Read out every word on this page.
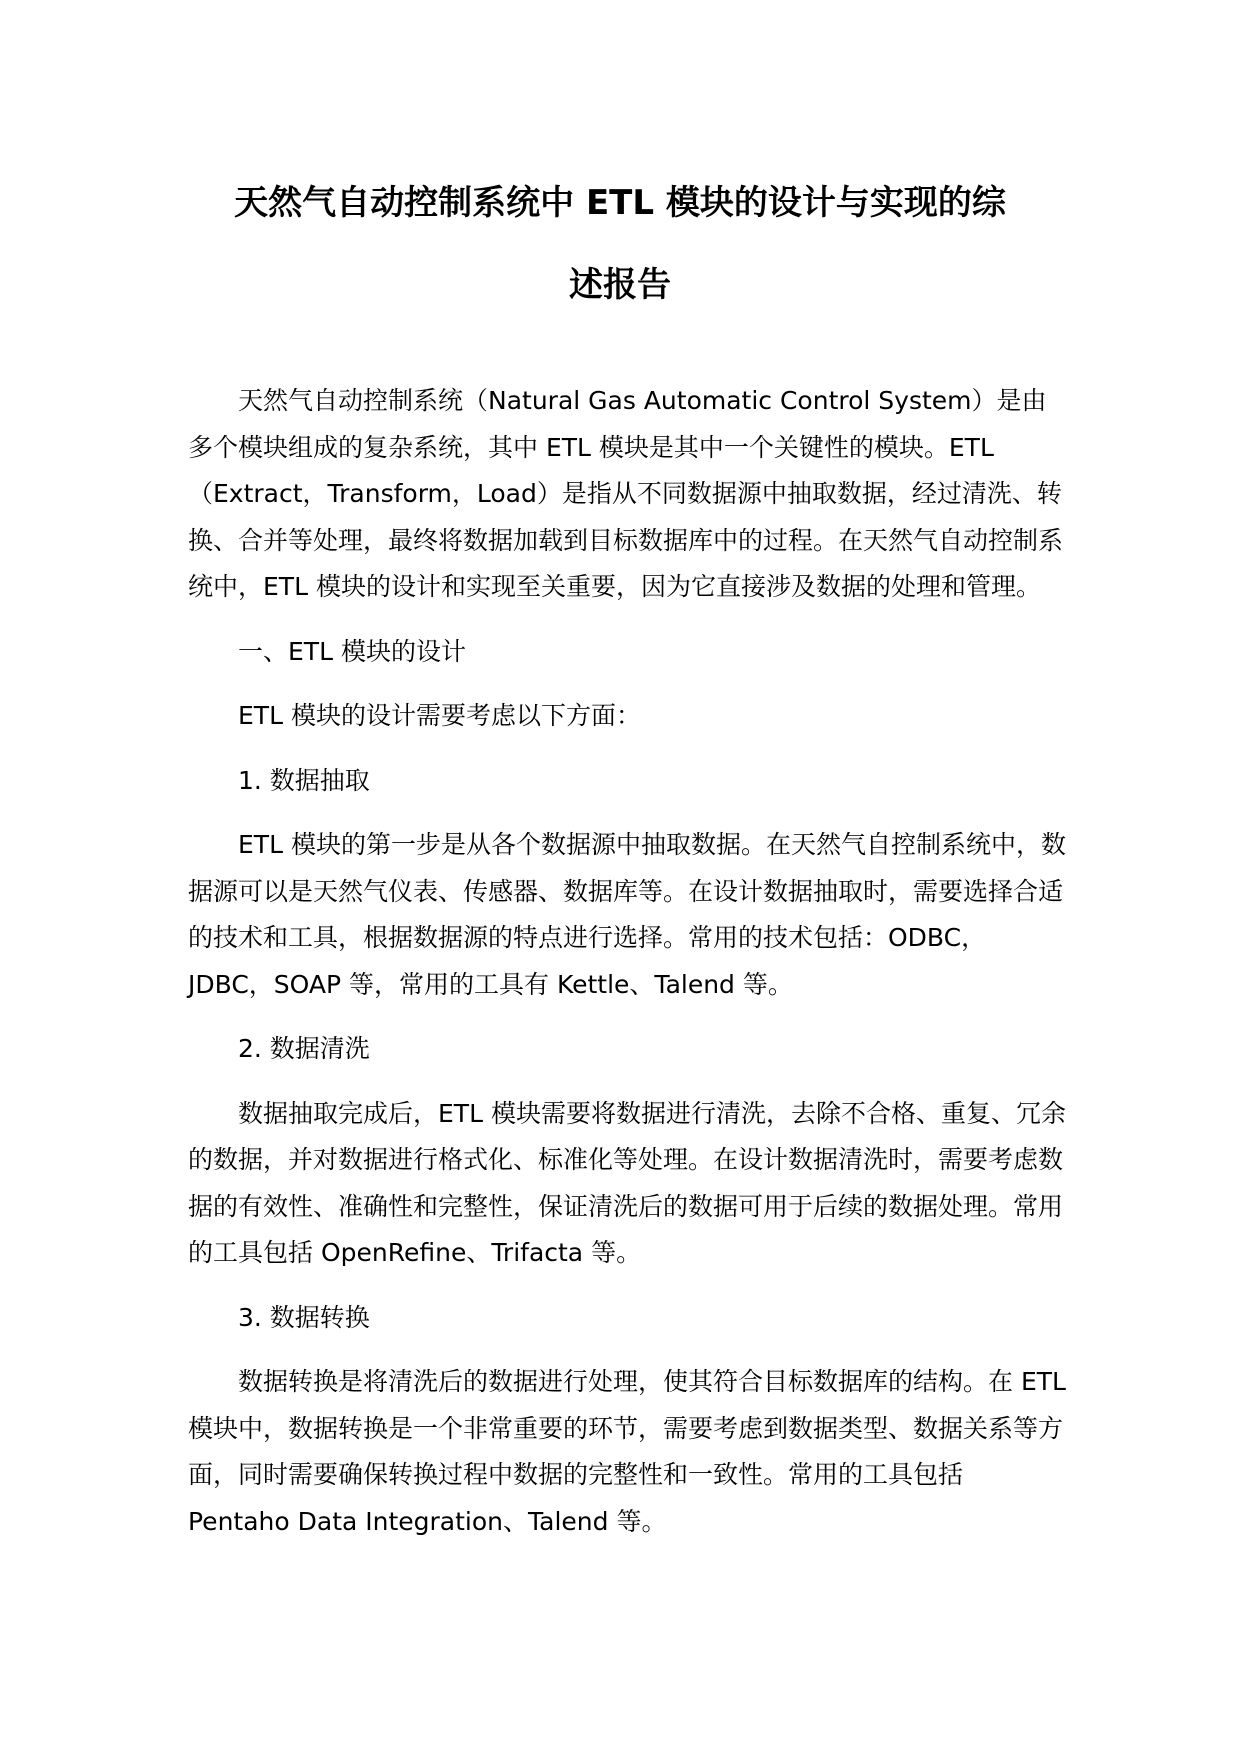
天然气自动控制系统中 ETL 模块的设计与实现的综
述报告

天然气自动控制系统（Natural Gas Automatic Control System）是由多个模块组成的复杂系统，其中 ETL 模块是其中一个关键性的模块。ETL（Extract，Transform，Load）是指从不同数据源中抽取数据，经过清洗、转换、合并等处理，最终将数据加载到目标数据库中的过程。在天然气自动控制系统中，ETL 模块的设计和实现至关重要，因为它直接涉及数据的处理和管理。

一、ETL 模块的设计

ETL 模块的设计需要考虑以下方面：

1. 数据抽取

ETL 模块的第一步是从各个数据源中抽取数据。在天然气自控制系统中，数据源可以是天然气仪表、传感器、数据库等。在设计数据抽取时，需要选择合适的技术和工具，根据数据源的特点进行选择。常用的技术包括：ODBC，JDBC，SOAP 等，常用的工具有 Kettle、Talend 等。

2. 数据清洗

数据抽取完成后，ETL 模块需要将数据进行清洗，去除不合格、重复、冗余的数据，并对数据进行格式化、标准化等处理。在设计数据清洗时，需要考虑数据的有效性、准确性和完整性，保证清洗后的数据可用于后续的数据处理。常用的工具包括 OpenRefine、Trifacta 等。

3. 数据转换

数据转换是将清洗后的数据进行处理，使其符合目标数据库的结构。在 ETL 模块中，数据转换是一个非常重要的环节，需要考虑到数据类型、数据关系等方面，同时需要确保转换过程中数据的完整性和一致性。常用的工具包括 Pentaho Data Integration、Talend 等。
